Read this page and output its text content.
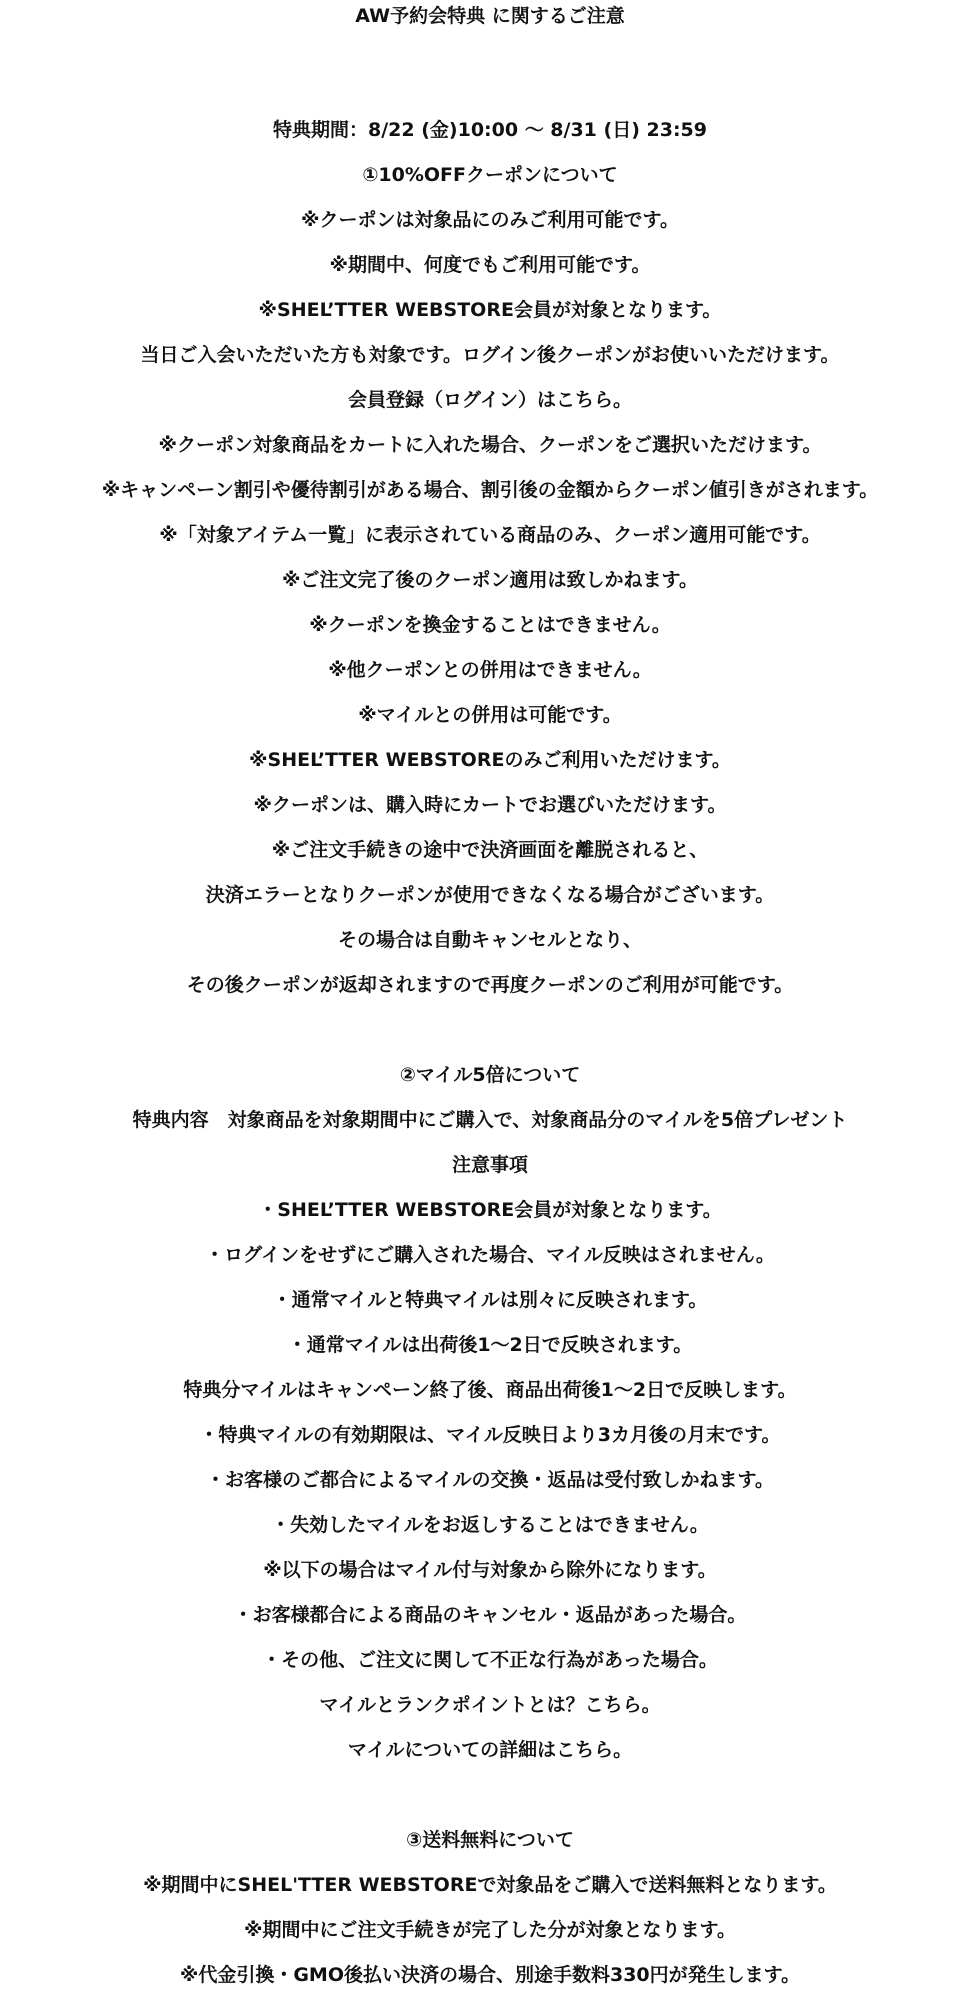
AW予約会特典 に関するご注意

特典期間：8/22 (金)10:00 〜 8/31 (日) 23:59

①10%OFFクーポンについて

※クーポンは対象品にのみご利用可能です。

※期間中、何度でもご利用可能です。

※SHEL’TTER WEBSTORE会員が対象となります。

当日ご入会いただいた方も対象です。ログイン後クーポンがお使いいただけます。

会員登録（ログイン）はこちら。

※クーポン対象商品をカートに入れた場合、クーポンをご選択いただけます。

※キャンペーン割引や優待割引がある場合、割引後の金額からクーポン値引きがされます。

※「対象アイテム一覧」に表示されている商品のみ、クーポン適用可能です。

※ご注文完了後のクーポン適用は致しかねます。

※クーポンを換金することはできません。

※他クーポンとの併用はできません。

※マイルとの併用は可能です。

※SHEL’TTER WEBSTOREのみご利用いただけます。

※クーポンは、購入時にカートでお選びいただけます。

※ご注文手続きの途中で決済画面を離脱されると、

決済エラーとなりクーポンが使用できなくなる場合がございます。

その場合は自動キャンセルとなり、

その後クーポンが返却されますので再度クーポンのご利用が可能です。

②マイル5倍について

特典内容　対象商品を対象期間中にご購入で、対象商品分のマイルを5倍プレゼント

注意事項

・SHEL’TTER WEBSTORE会員が対象となります。

・ログインをせずにご購入された場合、マイル反映はされません。

・通常マイルと特典マイルは別々に反映されます。

・通常マイルは出荷後1〜2日で反映されます。

特典分マイルはキャンペーン終了後、商品出荷後1〜2日で反映します。

・特典マイルの有効期限は、マイル反映日より3カ月後の月末です。

・お客様のご都合によるマイルの交換・返品は受付致しかねます。

・失効したマイルをお返しすることはできません。

※以下の場合はマイル付与対象から除外になります。

・お客様都合による商品のキャンセル・返品があった場合。

・その他、ご注文に関して不正な行為があった場合。

マイルとランクポイントとは？こちら。

マイルについての詳細はこちら。

③送料無料について

※期間中にSHEL'TTER WEBSTOREで対象品をご購入で送料無料となります。

※期間中にご注文手続きが完了した分が対象となります。

※代金引換・GMO後払い決済の場合、別途手数料330円が発生します。
